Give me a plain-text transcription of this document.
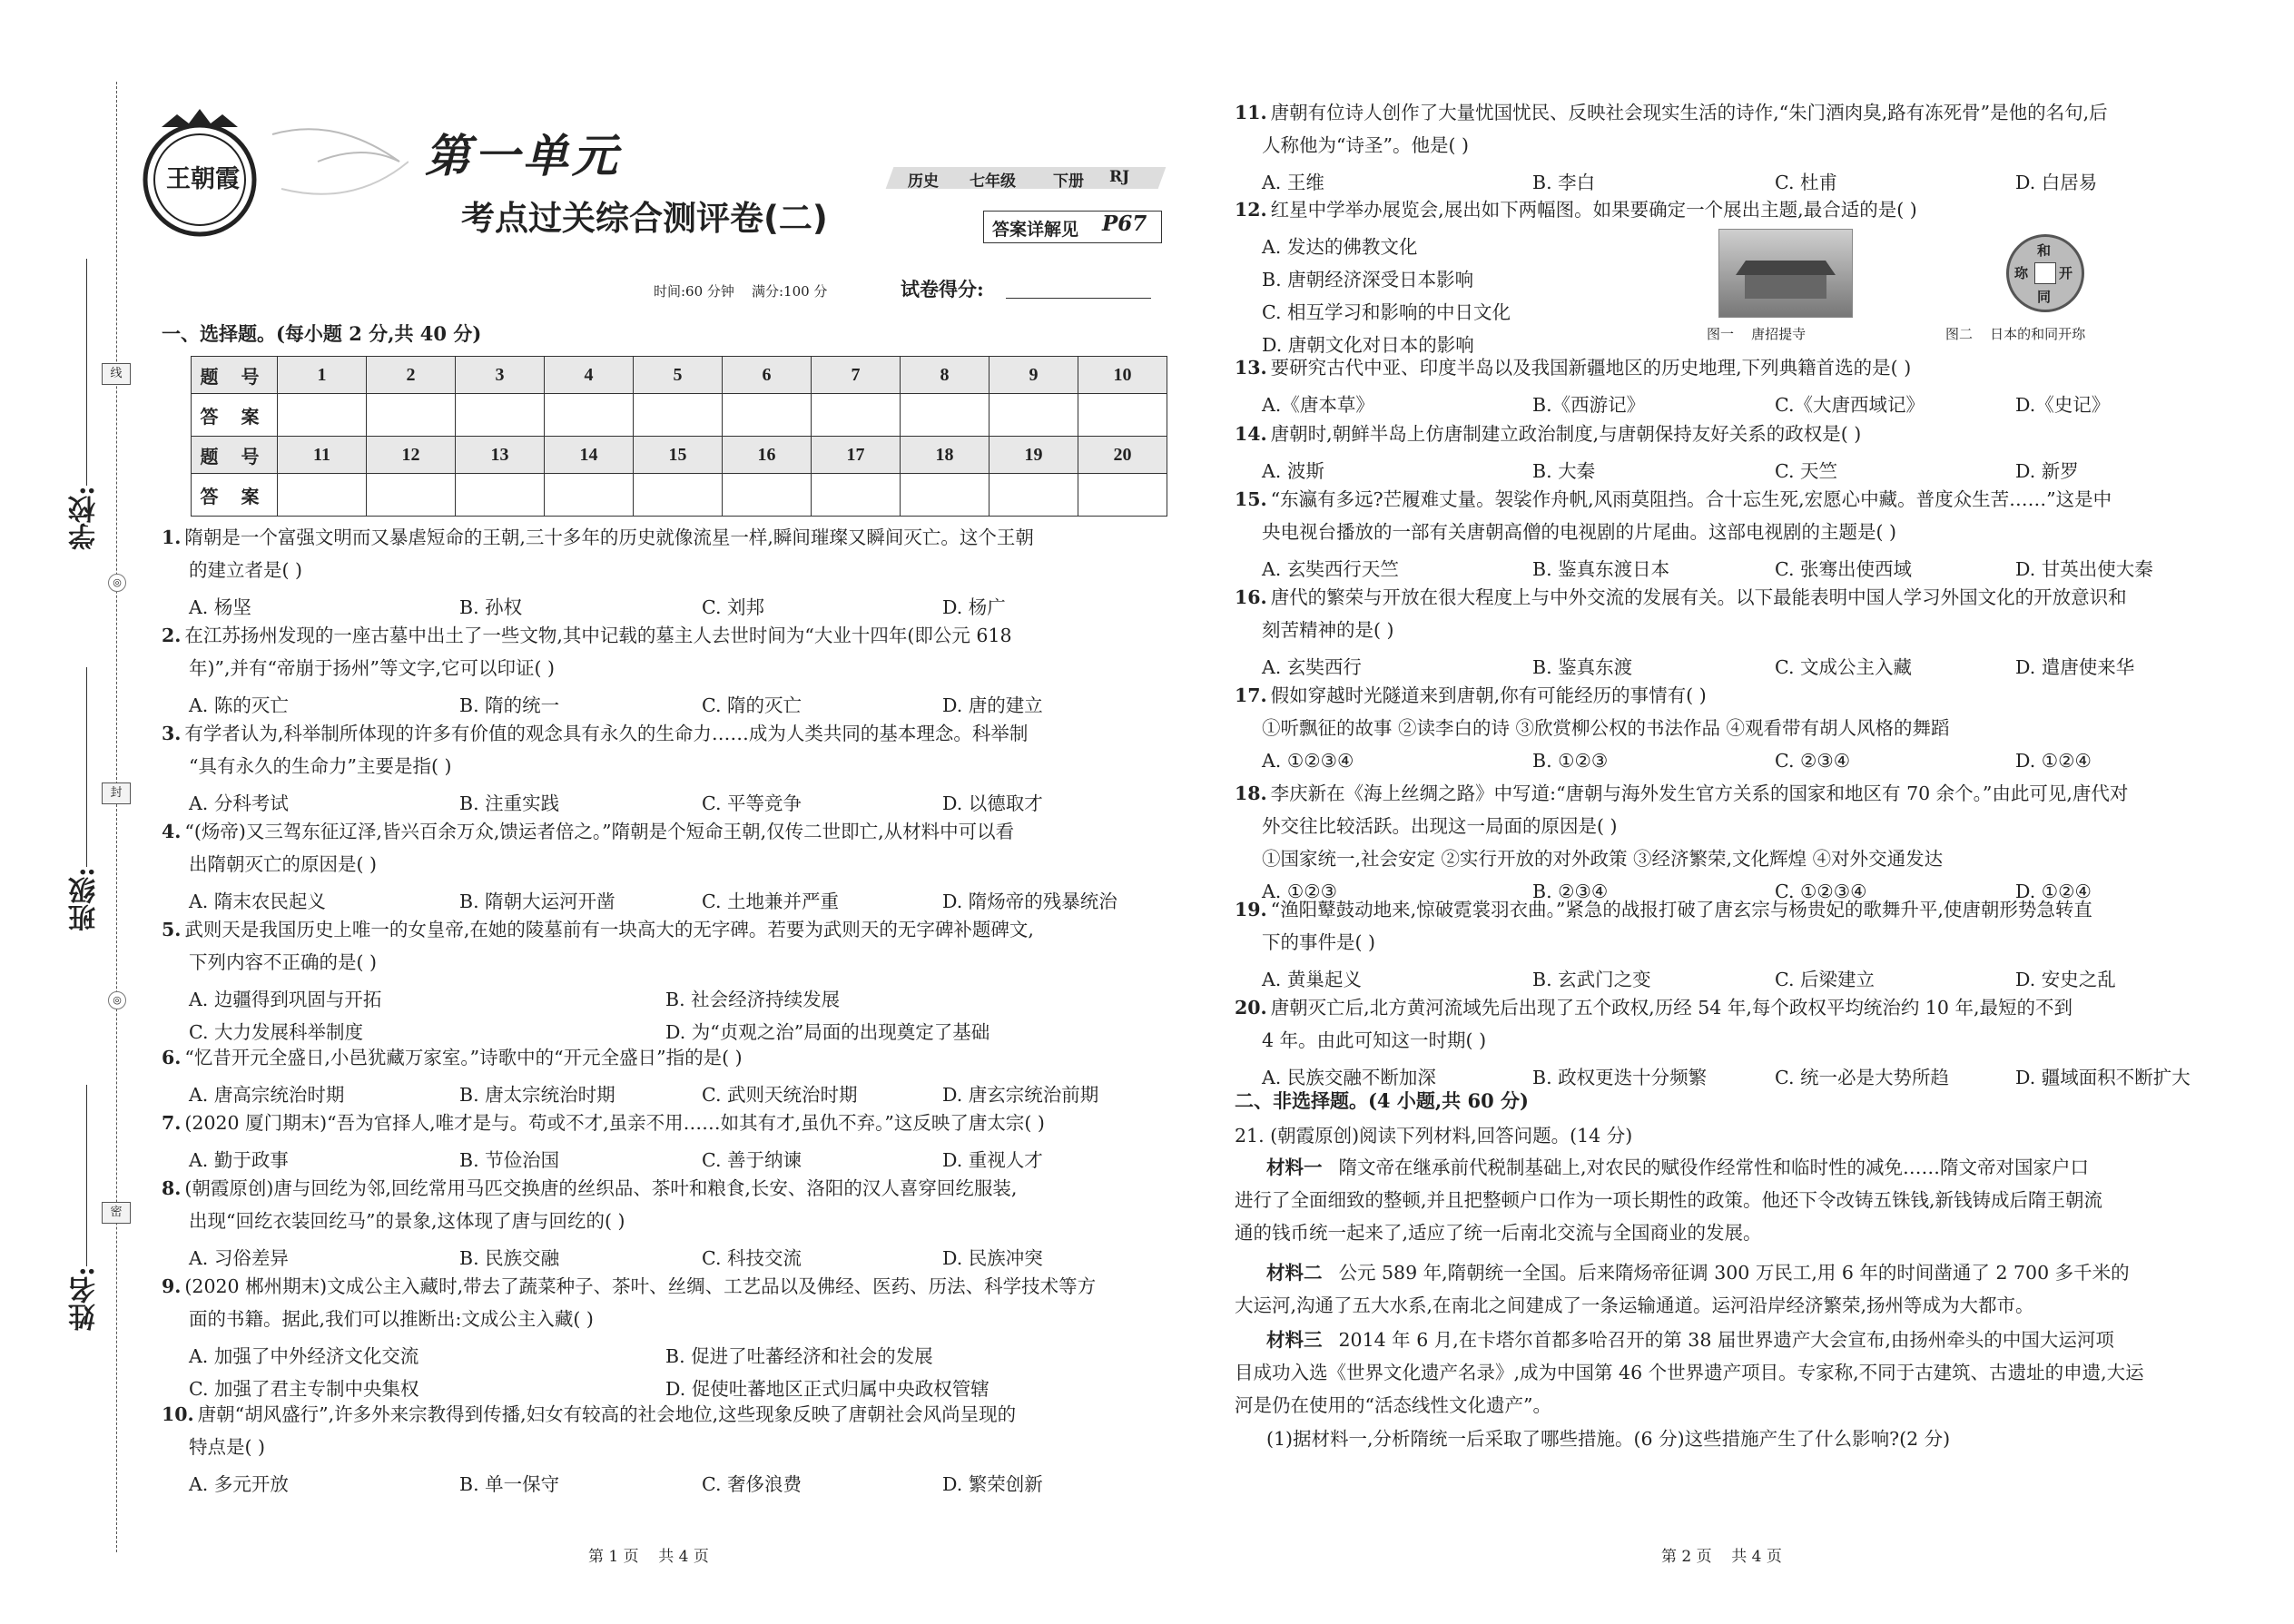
学校:
班级:
姓名:
线
◎
封
◎
密
王朝霞	第一单元
考点过关综合测评卷(二)
历史 七年级 下册 RJ
答案详解见 P67
时间:60 分钟    满分:100 分	试卷得分:
一、选择题。(每小题 2 分,共 40 分)
题 号	1	2	3	4	5	6	7	8	9	10
答 案										
题 号	11	12	13	14	15	16	17	18	19	20
答 案										
1. 隋朝是一个富强文明而又暴虐短命的王朝,三十多年的历史就像流星一样,瞬间璀璨又瞬间灭亡。这个王朝
的建立者是( )
A. 杨坚	B. 孙权	C. 刘邦	D. 杨广
2. 在江苏扬州发现的一座古墓中出土了一些文物,其中记载的墓主人去世时间为“大业十四年(即公元 618
年)”,并有“帝崩于扬州”等文字,它可以印证( )
A. 陈的灭亡	B. 隋的统一	C. 隋的灭亡	D. 唐的建立
3. 有学者认为,科举制所体现的许多有价值的观念具有永久的生命力……成为人类共同的基本理念。科举制
“具有永久的生命力”主要是指( )
A. 分科考试	B. 注重实践	C. 平等竞争	D. 以德取才
4. “(炀帝)又三驾东征辽泽,皆兴百余万众,馈运者倍之。”隋朝是个短命王朝,仅传二世即亡,从材料中可以看
出隋朝灭亡的原因是( )
A. 隋末农民起义	B. 隋朝大运河开凿	C. 土地兼并严重	D. 隋炀帝的残暴统治
5. 武则天是我国历史上唯一的女皇帝,在她的陵墓前有一块高大的无字碑。若要为武则天的无字碑补题碑文,
下列内容不正确的是( )
A. 边疆得到巩固与开拓	B. 社会经济持续发展
C. 大力发展科举制度	D. 为“贞观之治”局面的出现奠定了基础
6. “忆昔开元全盛日,小邑犹藏万家室。”诗歌中的“开元全盛日”指的是( )
A. 唐高宗统治时期	B. 唐太宗统治时期	C. 武则天统治时期	D. 唐玄宗统治前期
7. (2020 厦门期末)“吾为官择人,唯才是与。苟或不才,虽亲不用……如其有才,虽仇不弃。”这反映了唐太宗( )
A. 勤于政事	B. 节俭治国	C. 善于纳谏	D. 重视人才
8. (朝霞原创)唐与回纥为邻,回纥常用马匹交换唐的丝织品、茶叶和粮食,长安、洛阳的汉人喜穿回纥服装,
出现“回纥衣装回纥马”的景象,这体现了唐与回纥的( )
A. 习俗差异	B. 民族交融	C. 科技交流	D. 民族冲突
9. (2020 郴州期末)文成公主入藏时,带去了蔬菜种子、茶叶、丝绸、工艺品以及佛经、医药、历法、科学技术等方
面的书籍。据此,我们可以推断出:文成公主入藏( )
A. 加强了中外经济文化交流	B. 促进了吐蕃经济和社会的发展
C. 加强了君主专制中央集权	D. 促使吐蕃地区正式归属中央政权管辖
10. 唐朝“胡风盛行”,许多外来宗教得到传播,妇女有较高的社会地位,这些现象反映了唐朝社会风尚呈现的
特点是( )
A. 多元开放	B. 单一保守	C. 奢侈浪费	D. 繁荣创新
11. 唐朝有位诗人创作了大量忧国忧民、反映社会现实生活的诗作,“朱门酒肉臭,路有冻死骨”是他的名句,后
人称他为“诗圣”。他是( )
A. 王维	B. 李白	C. 杜甫	D. 白居易
12. 红星中学举办展览会,展出如下两幅图。如果要确定一个展出主题,最合适的是( )
A. 发达的佛教文化
B. 唐朝经济深受日本影响
C. 相互学习和影响的中日文化
D. 唐朝文化对日本的影响
13. 要研究古代中亚、印度半岛以及我国新疆地区的历史地理,下列典籍首选的是( )
A.《唐本草》	B.《西游记》	C.《大唐西域记》	D.《史记》
14. 唐朝时,朝鲜半岛上仿唐制建立政治制度,与唐朝保持友好关系的政权是( )
A. 波斯	B. 大秦	C. 天竺	D. 新罗
15. “东瀛有多远?芒履难丈量。袈裟作舟帆,风雨莫阻挡。合十忘生死,宏愿心中藏。普度众生苦……”这是中
央电视台播放的一部有关唐朝高僧的电视剧的片尾曲。这部电视剧的主题是( )
A. 玄奘西行天竺	B. 鉴真东渡日本	C. 张骞出使西域	D. 甘英出使大秦
16. 唐代的繁荣与开放在很大程度上与中外交流的发展有关。以下最能表明中国人学习外国文化的开放意识和
刻苦精神的是( )
A. 玄奘西行	B. 鉴真东渡	C. 文成公主入藏	D. 遣唐使来华
17. 假如穿越时光隧道来到唐朝,你有可能经历的事情有( )
①听飘征的故事 ②读李白的诗 ③欣赏柳公权的书法作品 ④观看带有胡人风格的舞蹈
A. ①②③④	B. ①②③	C. ②③④	D. ①②④
18. 李庆新在《海上丝绸之路》中写道:“唐朝与海外发生官方关系的国家和地区有 70 余个。”由此可见,唐代对
外交往比较活跃。出现这一局面的原因是( )
①国家统一,社会安定 ②实行开放的对外政策 ③经济繁荣,文化辉煌 ④对外交通发达
A. ①②③	B. ②③④	C. ①②③④	D. ①②④
19. “渔阳鼙鼓动地来,惊破霓裳羽衣曲。”紧急的战报打破了唐玄宗与杨贵妃的歌舞升平,使唐朝形势急转直
下的事件是( )
A. 黄巢起义	B. 玄武门之变	C. 后梁建立	D. 安史之乱
20. 唐朝灭亡后,北方黄河流域先后出现了五个政权,历经 54 年,每个政权平均统治约 10 年,最短的不到
4 年。由此可知这一时期( )
A. 民族交融不断加深	B. 政权更迭十分频繁	C. 统一必是大势所趋	D. 疆域面积不断扩大
和
同
开
珎
图一    唐招提寺	图二    日本的和同开珎
二、非选择题。(4 小题,共 60 分)
21. (朝霞原创)阅读下列材料,回答问题。(14 分)
材料一 隋文帝在继承前代税制基础上,对农民的赋役作经常性和临时性的减免……隋文帝对国家户口
进行了全面细致的整顿,并且把整顿户口作为一项长期性的政策。他还下令改铸五铢钱,新钱铸成后隋王朝流
通的钱币统一起来了,适应了统一后南北交流与全国商业的发展。
材料二 公元 589 年,隋朝统一全国。后来隋炀帝征调 300 万民工,用 6 年的时间凿通了 2 700 多千米的
大运河,沟通了五大水系,在南北之间建成了一条运输通道。运河沿岸经济繁荣,扬州等成为大都市。
材料三 2014 年 6 月,在卡塔尔首都多哈召开的第 38 届世界遗产大会宣布,由扬州牵头的中国大运河项
目成功入选《世界文化遗产名录》,成为中国第 46 个世界遗产项目。专家称,不同于古建筑、古遗址的申遗,大运
河是仍在使用的“活态线性文化遗产”。
(1)据材料一,分析隋统一后采取了哪些措施。(6 分)这些措施产生了什么影响?(2 分)
第 1 页    共 4 页	第 2 页    共 4 页
